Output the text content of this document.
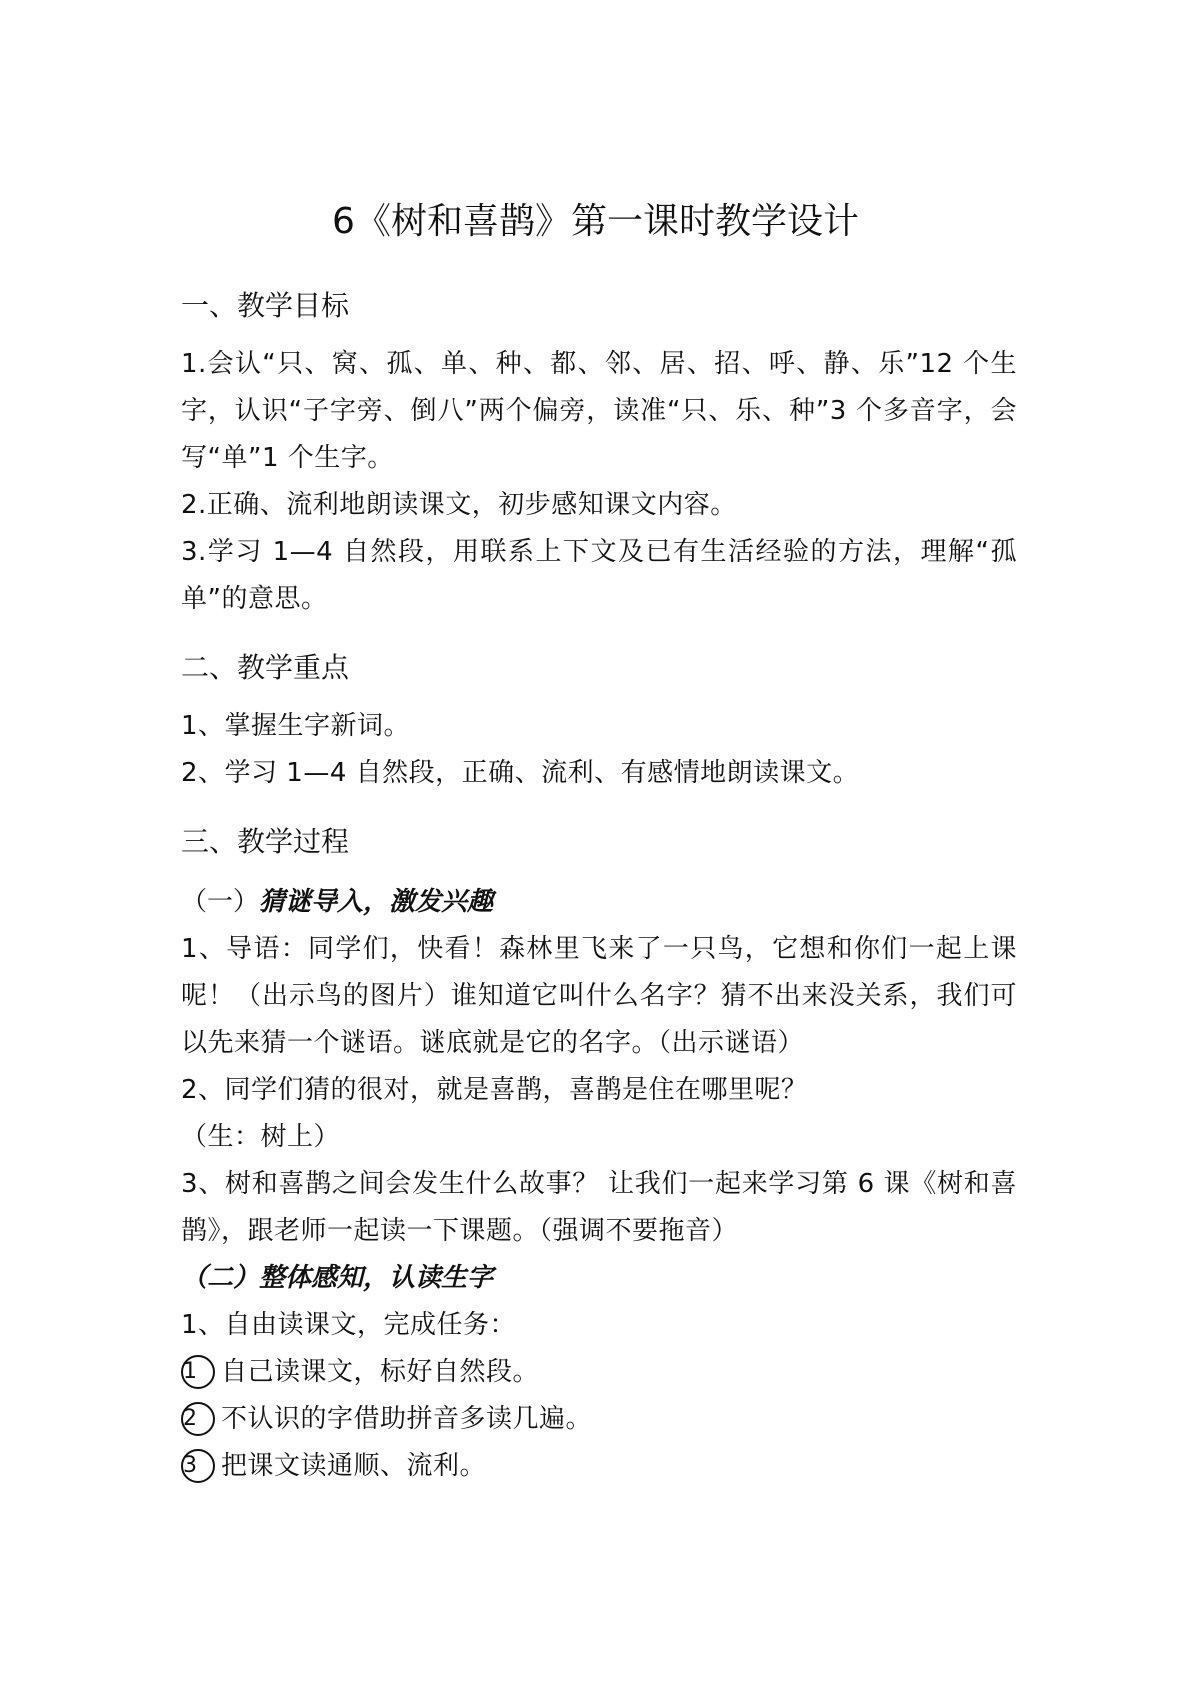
6《树和喜鹊》第一课时教学设计
一、教学目标

1.会认“只、窝、孤、单、种、都、邻、居、招、呼、静、乐”12 个生字，认识“子字旁、倒八”两个偏旁，读准“只、乐、种”3 个多音字，会写“单”1 个生字。

2.正确、流利地朗读课文，初步感知课文内容。

3.学习 1—4 自然段，用联系上下文及已有生活经验的方法，理解“孤单”的意思。

二、教学重点

1、掌握生字新词。

2、学习 1—4 自然段，正确、流利、有感情地朗读课文。

三、教学过程

（一）猜谜导入，激发兴趣

1、导语：同学们，快看！森林里飞来了一只鸟，它想和你们一起上课呢！（出示鸟的图片）谁知道它叫什么名字？猜不出来没关系，我们可以先来猜一个谜语。谜底就是它的名字。（出示谜语）

2、同学们猜的很对，就是喜鹊，喜鹊是住在哪里呢？

（生：树上）

3、树和喜鹊之间会发生什么故事？ 让我们一起来学习第 6 课《树和喜鹊》，跟老师一起读一下课题。（强调不要拖音）

（二）整体感知，认读生字

1、自由读课文，完成任务：

1 自己读课文，标好自然段。

2 不认识的字借助拼音多读几遍。

3 把课文读通顺、流利。
